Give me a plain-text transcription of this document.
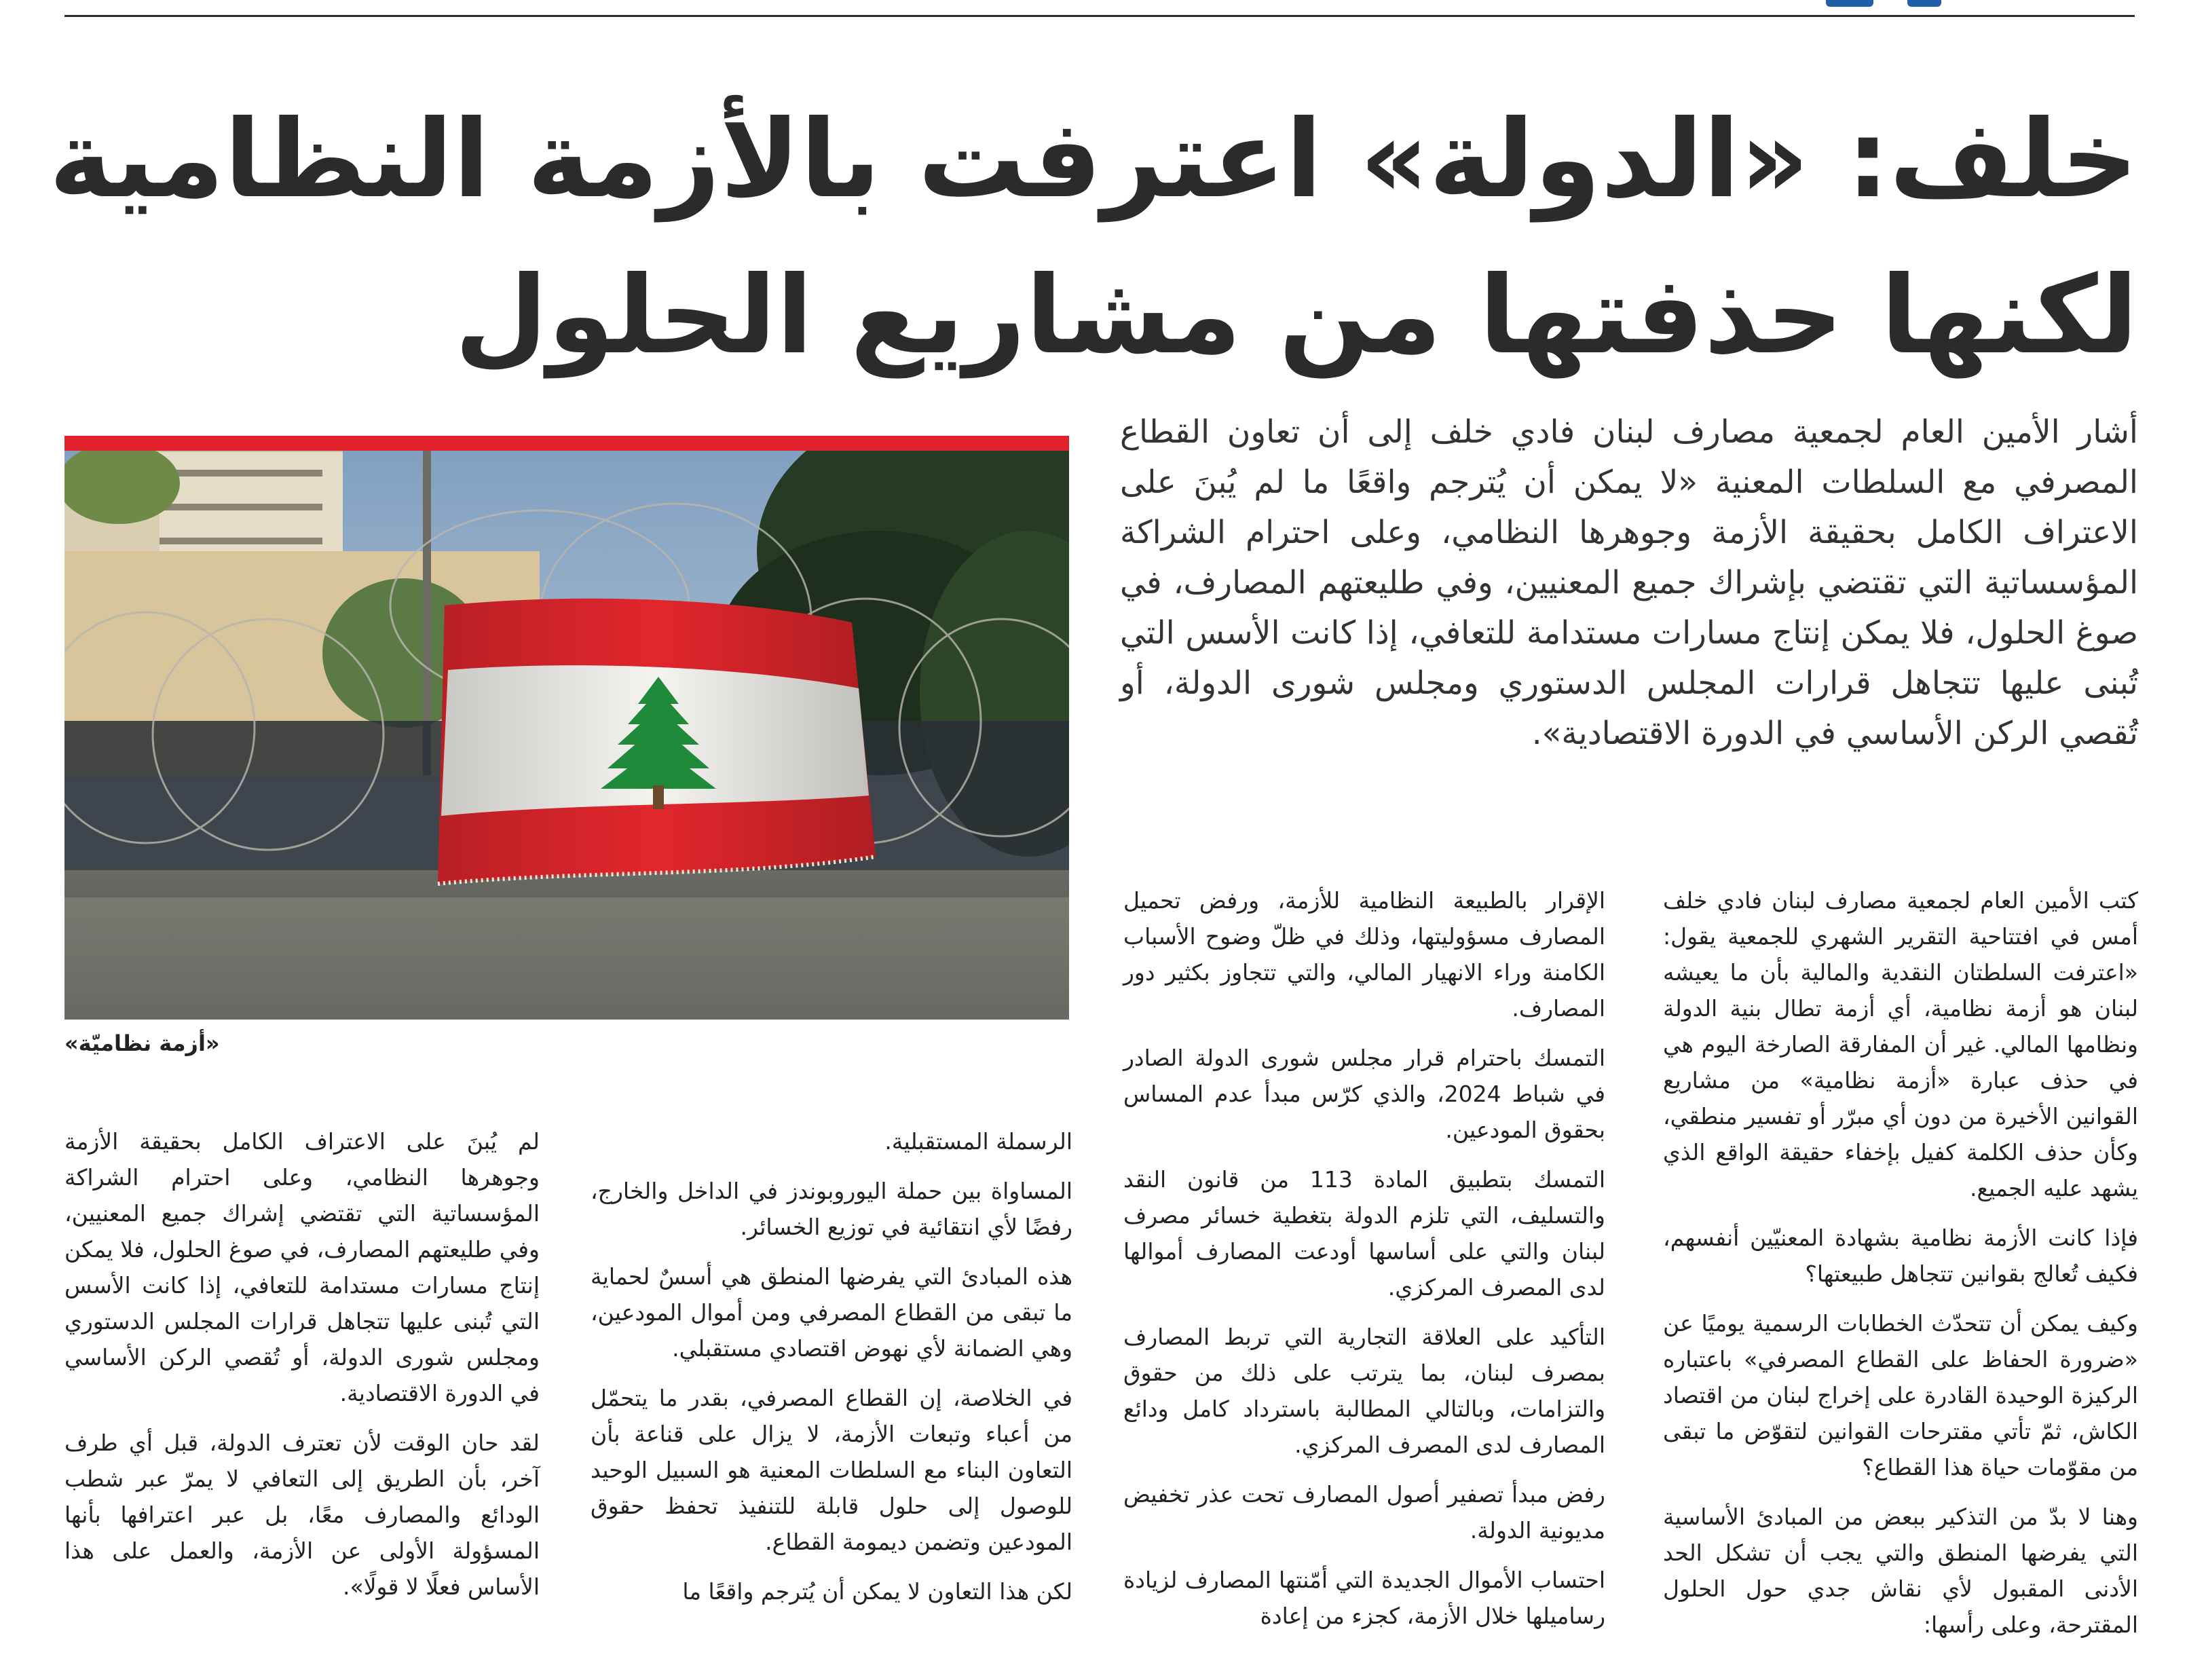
خلف: «الدولة» اعترفت بالأزمة النظامية
لكنها حذفتها من مشاريع الحلول
أشار الأمين العام لجمعية مصارف لبنان فادي خلف إلى أن تعاون القطاع المصرفي مع السلطات المعنية «لا يمكن أن يُترجم واقعًا ما لم يُبنَ على الاعتراف الكامل بحقيقة الأزمة وجوهرها النظامي، وعلى احترام الشراكة المؤسساتية التي تقتضي بإشراك جميع المعنيين، وفي طليعتهم المصارف، في صوغ الحلول، فلا يمكن إنتاج مسارات مستدامة للتعافي، إذا كانت الأسس التي تُبنى عليها تتجاهل قرارات المجلس الدستوري ومجلس شورى الدولة، أو تُقصي الركن الأساسي في الدورة الاقتصادية».
«أزمة نظاميّة»

كتب الأمين العام لجمعية مصارف لبنان فادي خلف أمس في افتتاحية التقرير الشهري للجمعية يقول: «اعترفت السلطتان النقدية والمالية بأن ما يعيشه لبنان هو أزمة نظامية، أي أزمة تطال بنية الدولة ونظامها المالي. غير أن المفارقة الصارخة اليوم هي في حذف عبارة «أزمة نظامية» من مشاريع القوانين الأخيرة من دون أي مبرّر أو تفسير منطقي، وكأن حذف الكلمة كفيل بإخفاء حقيقة الواقع الذي يشهد عليه الجميع.

فإذا كانت الأزمة نظامية بشهادة المعنيّين أنفسهم، فكيف تُعالج بقوانين تتجاهل طبيعتها؟

وكيف يمكن أن تتحدّث الخطابات الرسمية يوميًا عن «ضرورة الحفاظ على القطاع المصرفي» باعتباره الركيزة الوحيدة القادرة على إخراج لبنان من اقتصاد الكاش، ثمّ تأتي مقترحات القوانين لتقوّض ما تبقى من مقوّمات حياة هذا القطاع؟

وهنا لا بدّ من التذكير ببعض من المبادئ الأساسية التي يفرضها المنطق والتي يجب أن تشكل الحد الأدنى المقبول لأي نقاش جدي حول الحلول المقترحة، وعلى رأسها:

الإقرار بالطبيعة النظامية للأزمة، ورفض تحميل المصارف مسؤوليتها، وذلك في ظلّ وضوح الأسباب الكامنة وراء الانهيار المالي، والتي تتجاوز بكثير دور المصارف.

التمسك باحترام قرار مجلس شورى الدولة الصادر في شباط 2024، والذي كرّس مبدأ عدم المساس بحقوق المودعين.

التمسك بتطبيق المادة 113 من قانون النقد والتسليف، التي تلزم الدولة بتغطية خسائر مصرف لبنان والتي على أساسها أودعت المصارف أموالها لدى المصرف المركزي.

التأكيد على العلاقة التجارية التي تربط المصارف بمصرف لبنان، بما يترتب على ذلك من حقوق والتزامات، وبالتالي المطالبة باسترداد كامل ودائع المصارف لدى المصرف المركزي.

رفض مبدأ تصفير أصول المصارف تحت عذر تخفيض مديونية الدولة.

احتساب الأموال الجديدة التي أمّنتها المصارف لزيادة رساميلها خلال الأزمة، كجزء من إعادة

الرسملة المستقبلية.

المساواة بين حملة اليوروبوندز في الداخل والخارج، رفضًا لأي انتقائية في توزيع الخسائر.

هذه المبادئ التي يفرضها المنطق هي أسسٌ لحماية ما تبقى من القطاع المصرفي ومن أموال المودعين، وهي الضمانة لأي نهوض اقتصادي مستقبلي.

في الخلاصة، إن القطاع المصرفي، بقدر ما يتحمّل من أعباء وتبعات الأزمة، لا يزال على قناعة بأن التعاون البناء مع السلطات المعنية هو السبيل الوحيد للوصول إلى حلول قابلة للتنفيذ تحفظ حقوق المودعين وتضمن ديمومة القطاع.

لكن هذا التعاون لا يمكن أن يُترجم واقعًا ما

لم يُبنَ على الاعتراف الكامل بحقيقة الأزمة وجوهرها النظامي، وعلى احترام الشراكة المؤسساتية التي تقتضي إشراك جميع المعنيين، وفي طليعتهم المصارف، في صوغ الحلول، فلا يمكن إنتاج مسارات مستدامة للتعافي، إذا كانت الأسس التي تُبنى عليها تتجاهل قرارات المجلس الدستوري ومجلس شورى الدولة، أو تُقصي الركن الأساسي في الدورة الاقتصادية.

لقد حان الوقت لأن تعترف الدولة، قبل أي طرف آخر، بأن الطريق إلى التعافي لا يمرّ عبر شطب الودائع والمصارف معًا، بل عبر اعترافها بأنها المسؤولة الأولى عن الأزمة، والعمل على هذا الأساس فعلًا لا قولًا».
